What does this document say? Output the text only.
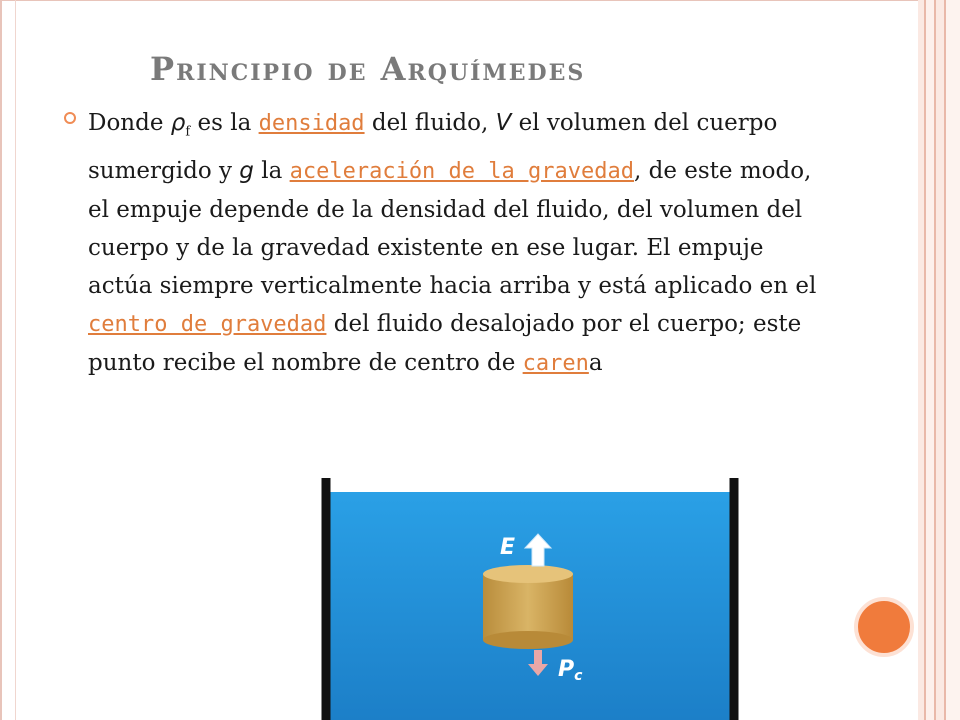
Principio de Arquímedes

Donde $\rho_f$ es la densidad del fluido, V el volumen del cuerpo sumergido y g la aceleración de la gravedad, de este modo, el empuje depende de la densidad del fluido, del volumen del cuerpo y de la gravedad existente en ese lugar. El empuje actúa siempre verticalmente hacia arriba y está aplicado en el centro de gravedad del fluido desalojado por el cuerpo; este punto recibe el nombre de centro de carena

E
Pc
